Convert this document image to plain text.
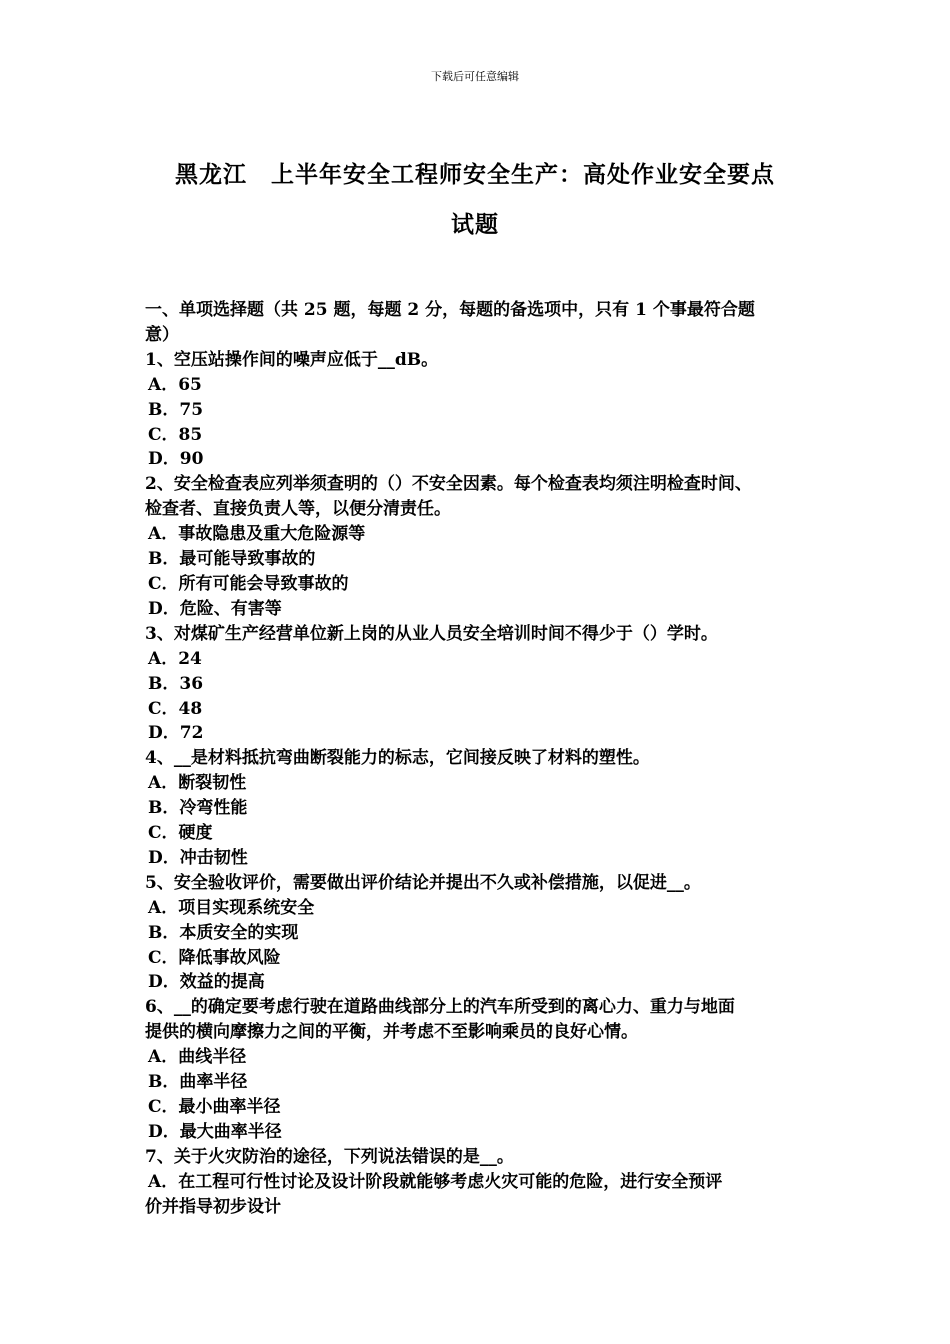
下载后可任意编辑
黑龙江　上半年安全工程师安全生产：高处作业安全要点
试题
一、单项选择题（共 25 题，每题 2 分，每题的备选项中，只有 1 个事最符合题
意）
1、空压站操作间的噪声应低于__dB。
A．65
B．75
C．85
D．90
2、安全检查表应列举须查明的（）不安全因素。每个检查表均须注明检查时间、
检查者、直接负责人等，以便分清责任。
A．事故隐患及重大危险源等
B．最可能导致事故的
C．所有可能会导致事故的
D．危险、有害等
3、对煤矿生产经营单位新上岗的从业人员安全培训时间不得少于（）学时。
A．24
B．36
C．48
D．72
4、__是材料抵抗弯曲断裂能力的标志，它间接反映了材料的塑性。
A．断裂韧性
B．冷弯性能
C．硬度
D．冲击韧性
5、安全验收评价，需要做出评价结论并提出不久或补偿措施，以促进__。
A．项目实现系统安全
B．本质安全的实现
C．降低事故风险
D．效益的提高
6、__的确定要考虑行驶在道路曲线部分上的汽车所受到的离心力、重力与地面
提供的横向摩擦力之间的平衡，并考虑不至影响乘员的良好心情。
A．曲线半径
B．曲率半径
C．最小曲率半径
D．最大曲率半径
7、关于火灾防治的途径，下列说法错误的是__。
A．在工程可行性讨论及设计阶段就能够考虑火灾可能的危险，进行安全预评
价并指导初步设计
